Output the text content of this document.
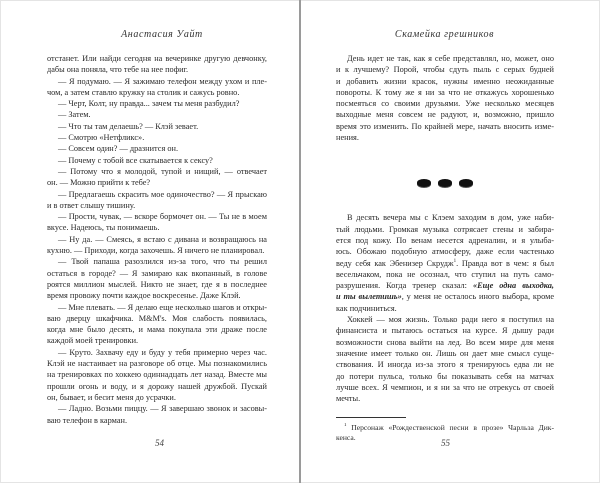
Анастасия Уайт
отстанет. Или найди сегодня на вечеринке другую девчонку,
дабы она поняла, что тебе на нее пофиг.
— Я подумаю. — Я зажимаю телефон между ухом и пле-
чом, а затем ставлю кружку на столик и сажусь ровно.
— Черт, Колт, ну правда... зачем ты меня разбудил?
— Затем.
— Что ты там делаешь? — Клэй зевает.
— Смотрю «Нетфликс».
— Совсем один? — дразнится он.
— Почему с тобой все скатывается к сексу?
— Потому что я молодой, тупой и нищий, — отвечает
он. — Можно прийти к тебе?
— Предлагаешь скрасить мое одиночество? — Я прыскаю
и в ответ слышу тишину.
— Прости, чувак, — вскоре бормочет он. — Ты не в моем
вкусе. Надеюсь, ты понимаешь.
— Ну да. — Смеясь, я встаю с дивана и возвращаюсь на
кухню. — Приходи, когда захочешь. Я ничего не планировал.
— Твой папаша разозлился из-за того, что ты решил
остаться в городе? — Я замираю как вкопанный, в голове
роятся миллион мыслей. Никто не знает, где я в последнее
время провожу почти каждое воскресенье. Даже Клэй.
— Мне плевать. — Я делаю еще несколько шагов и откры-
ваю дверцу шкафчика. M&M's. Моя слабость появилась,
когда мне было десять, и мама покупала эти драже после
каждой моей тренировки.
— Круто. Захвачу еду и буду у тебя примерно через час.
Клэй не настаивает на разговоре об отце. Мы познакомились
на тренировках по хоккею одиннадцать лет назад. Вместе мы
прошли огонь и воду, и я дорожу нашей дружбой. Пускай
он, бывает, и бесит меня до усрачки.
— Ладно. Возьми пиццу. — Я завершаю звонок и засовы-
ваю телефон в карман.
54
Скамейка грешников
День идет не так, как я себе представлял, но, может, оно
и к лучшему? Порой, чтобы сдуть пыль с серых будней
и добавить жизни красок, нужны именно неожиданные
повороты. К тому же я ни за что не откажусь хорошенько
посмеяться со своими друзьями. Уже несколько месяцев
выходные меня совсем не радуют, и, возможно, пришло
время это изменить. По крайней мере, начать вносить изме-
нения.
В десять вечера мы с Клэем заходим в дом, уже наби-
тый людьми. Громкая музыка сотрясает стены и забира-
ется под кожу. По венам несется адреналин, и я улыба-
юсь. Обожаю подобную атмосферу, даже если частенько
веду себя как Эбенизер Скрудж$^1$. Правда вот в чем: я был
весельчаком, пока не осознал, что ступил на путь само-
разрушения. Когда тренер сказал: «Еще одна выходка,
и ты вылетишь», у меня не осталось иного выбора, кроме
как подчиниться.
Хоккей — моя жизнь. Только ради него я поступил на
финансиста и пытаюсь остаться на курсе. Я дышу ради
возможности снова выйти на лед. Во всем мире для меня
значение имеет только он. Лишь он дает мне смысл суще-
ствования. И иногда из-за этого я тренируюсь едва ли не
до потери пульса, только бы показывать себя на матчах
лучше всех. Я чемпион, и я ни за что не отрекусь от своей
мечты.
$^1$ Персонаж «Рождественской песни в прозе» Чарльза Дик-
кенса.
55
